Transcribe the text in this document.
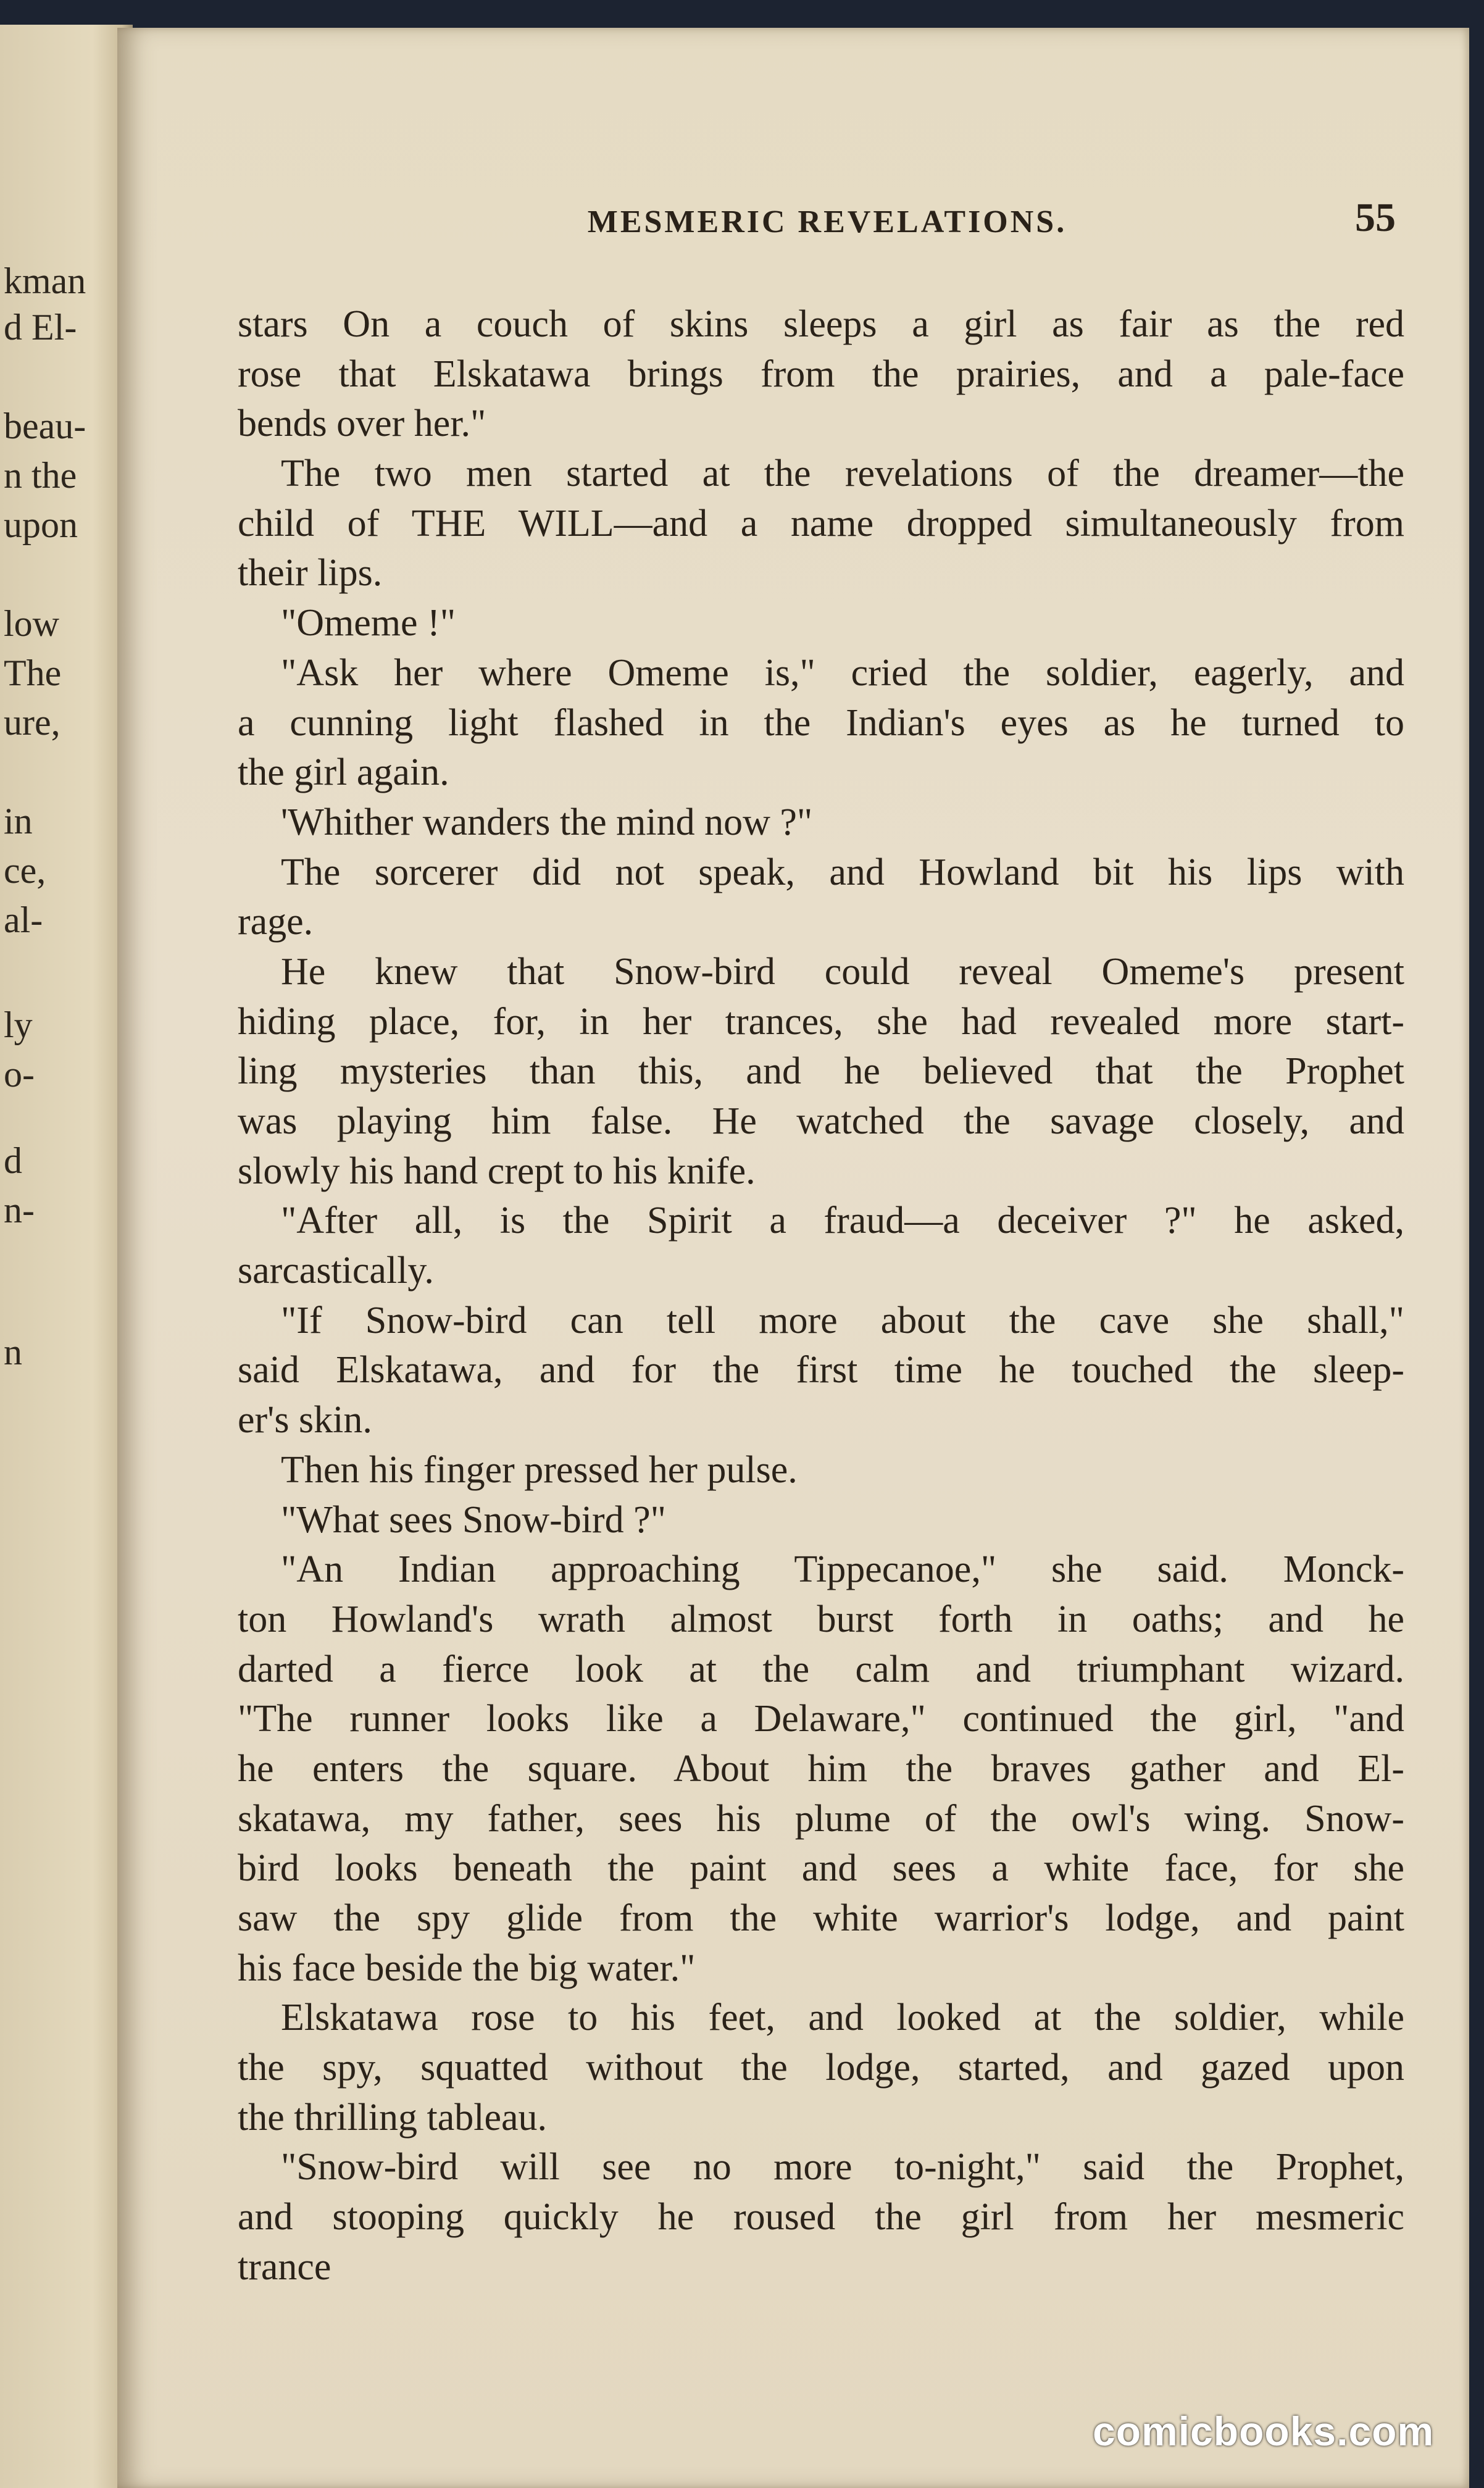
kman
d El-
beau-
n the
upon
low
The
ure,
in
ce,
al-
ly
o-
d
n-
n
MESMERIC REVELATIONS.	55
stars On a couch of skins sleeps a girl as fair as the red
rose that Elskatawa brings from the prairies, and a pale-face
bends over her."
The two men started at the revelations of the dreamer—the
child of THE WILL—and a name dropped simultaneously from
their lips.
"Omeme !"
"Ask her where Omeme is," cried the soldier, eagerly, and
a cunning light flashed in the Indian's eyes as he turned to
the girl again.
'Whither wanders the mind now ?"
The sorcerer did not speak, and Howland bit his lips with
rage.
He knew that Snow-bird could reveal Omeme's present
hiding place, for, in her trances, she had revealed more start-
ling mysteries than this, and he believed that the Prophet
was playing him false. He watched the savage closely, and
slowly his hand crept to his knife.
"After all, is the Spirit a fraud—a deceiver ?" he asked,
sarcastically.
"If Snow-bird can tell more about the cave she shall,"
said Elskatawa, and for the first time he touched the sleep-
er's skin.
Then his finger pressed her pulse.
"What sees Snow-bird ?"
"An Indian approaching Tippecanoe," she said. Monck-
ton Howland's wrath almost burst forth in oaths; and he
darted a fierce look at the calm and triumphant wizard.
"The runner looks like a Delaware," continued the girl, "and
he enters the square. About him the braves gather and El-
skatawa, my father, sees his plume of the owl's wing. Snow-
bird looks beneath the paint and sees a white face, for she
saw the spy glide from the white warrior's lodge, and paint
his face beside the big water."
Elskatawa rose to his feet, and looked at the soldier, while
the spy, squatted without the lodge, started, and gazed upon
the thrilling tableau.
"Snow-bird will see no more to-night," said the Prophet,
and stooping quickly he roused the girl from her mesmeric
trance
comicbooks.com
